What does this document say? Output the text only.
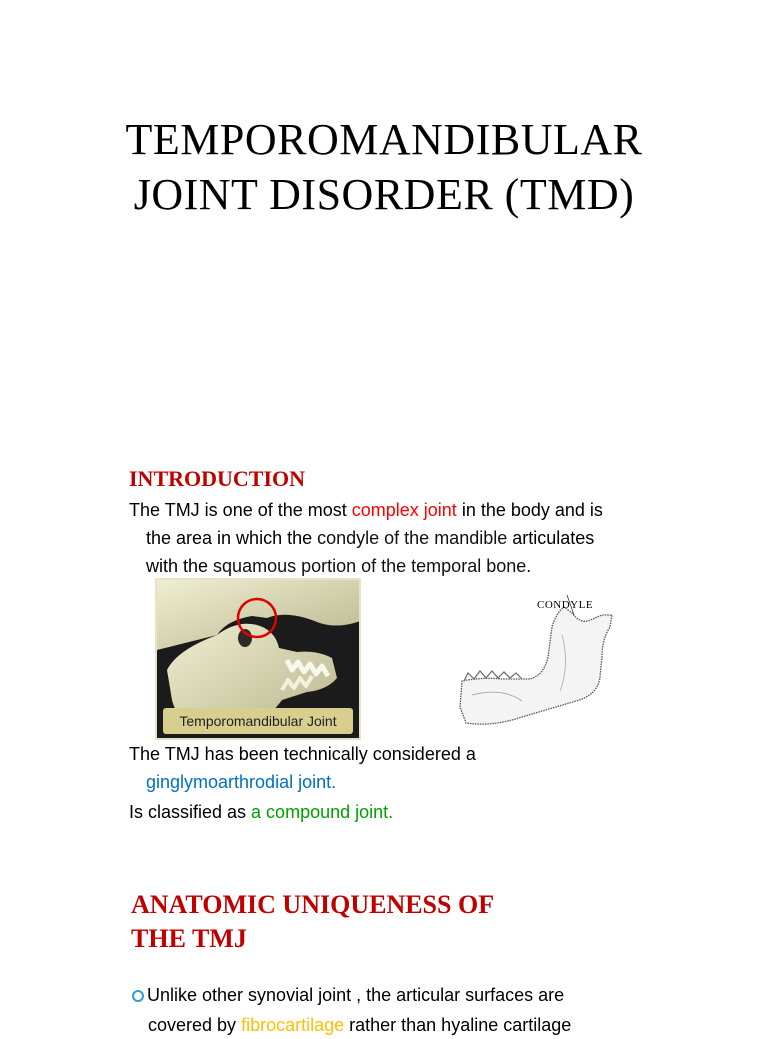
TEMPOROMANDIBULAR
JOINT DISORDER (TMD)
INTRODUCTION

The TMJ is one of the most complex joint in the body and is
the area in which the condyle of the mandible articulates
with the squamous portion of the temporal bone.

Temporomandibular Joint
CONDYLE

The TMJ has been technically considered a
ginglymoarthrodial joint.

Is classified as a compound joint.

ANATOMIC UNIQUENESS OF
THE TMJ

Unlike other synovial joint , the articular surfaces are

covered by fibrocartilage rather than hyaline cartilage
